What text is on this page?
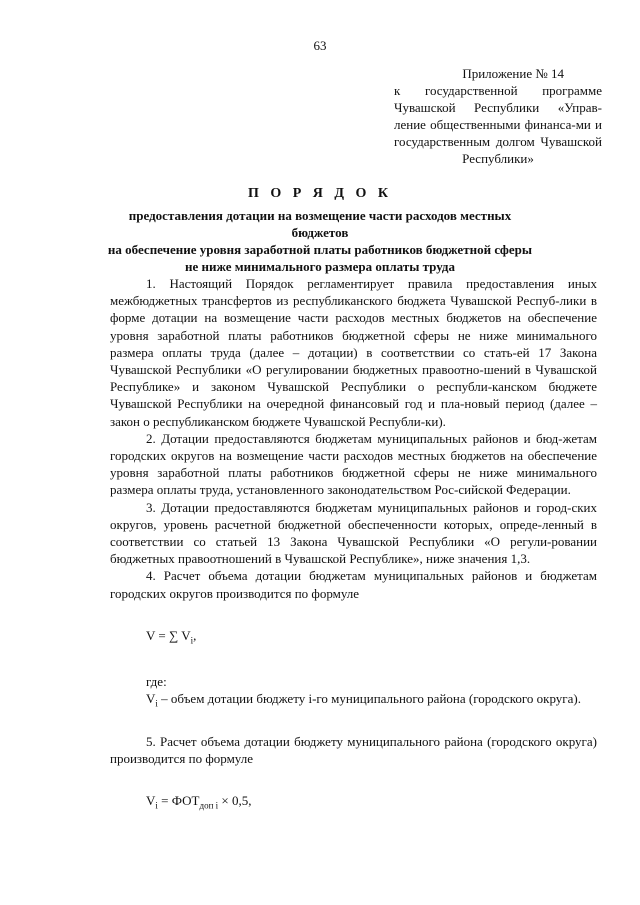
63
Приложение № 14
к государственной программе Чувашской Республики «Управ-ление общественными финанса-ми и государственным долгом Чувашской Республики»
П О Р Я Д О К
предоставления дотации на возмещение части расходов местных бюджетов
на обеспечение уровня заработной платы работников бюджетной сферы
не ниже минимального размера оплаты труда

1. Настоящий Порядок регламентирует правила предоставления иных межбюджетных трансфертов из республиканского бюджета Чувашской Респуб-лики в форме дотации на возмещение части расходов местных бюджетов на обеспечение уровня заработной платы работников бюджетной сферы не ниже минимального размера оплаты труда (далее – дотации) в соответствии со стать-ей 17 Закона Чувашской Республики «О регулировании бюджетных правоотно-шений в Чувашской Республике» и законом Чувашской Республики о республи-канском бюджете Чувашской Республики на очередной финансовый год и пла-новый период (далее – закон о республиканском бюджете Чувашской Республи-ки).

2. Дотации предоставляются бюджетам муниципальных районов и бюд-жетам городских округов на возмещение части расходов местных бюджетов на обеспечение уровня заработной платы работников бюджетной сферы не ниже минимального размера оплаты труда, установленного законодательством Рос-сийской Федерации.

3. Дотации предоставляются бюджетам муниципальных районов и город-ских округов, уровень расчетной бюджетной обеспеченности которых, опреде-ленный в соответствии со статьей 13 Закона Чувашской Республики «О регули-ровании бюджетных правоотношений в Чувашской Республике», ниже значения 1,3.

4. Расчет объема дотации бюджетам муниципальных районов и бюджетам городских округов производится по формуле

V = ∑ $V_i$,

где:

$V_i$ – объем дотации бюджету i-го муниципального района (городского округа).

5. Расчет объема дотации бюджету муниципального района (городского округа) производится по формуле

$V_i = ФОТ_{доп i} \times 0,5$,
